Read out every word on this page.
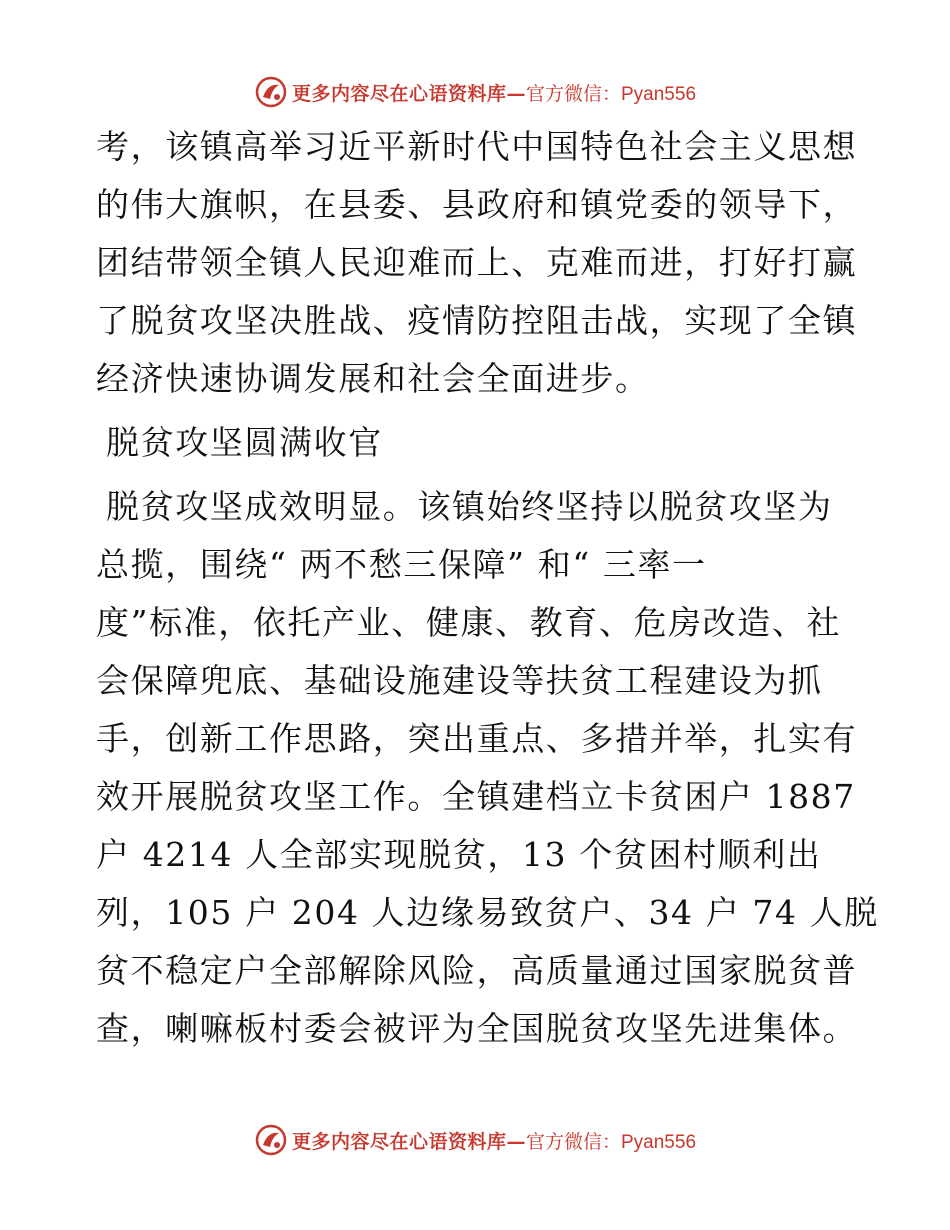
更多内容尽在心语资料库— 官方微信：Pyan556
考，该镇高举习近平新时代中国特色社会主义思想
的伟大旗帜，在县委、县政府和镇党委的领导下，
团结带领全镇人民迎难而上、克难而进，打好打赢
了脱贫攻坚决胜战、疫情防控阻击战，实现了全镇
经济快速协调发展和社会全面进步。
脱贫攻坚圆满收官
脱贫攻坚成效明显。该镇始终坚持以脱贫攻坚为
总揽，围绕“ 两不愁三保障” 和“ 三率一
度”标准，依托产业、健康、教育、危房改造、社
会保障兜底、基础设施建设等扶贫工程建设为抓
手，创新工作思路，突出重点、多措并举，扎实有
效开展脱贫攻坚工作。全镇建档立卡贫困户 1887
户 4214 人全部实现脱贫，13 个贫困村顺利出
列，105 户 204 人边缘易致贫户、34 户 74 人脱
贫不稳定户全部解除风险，高质量通过国家脱贫普
查，喇嘛板村委会被评为全国脱贫攻坚先进集体。
更多内容尽在心语资料库— 官方微信：Pyan556
